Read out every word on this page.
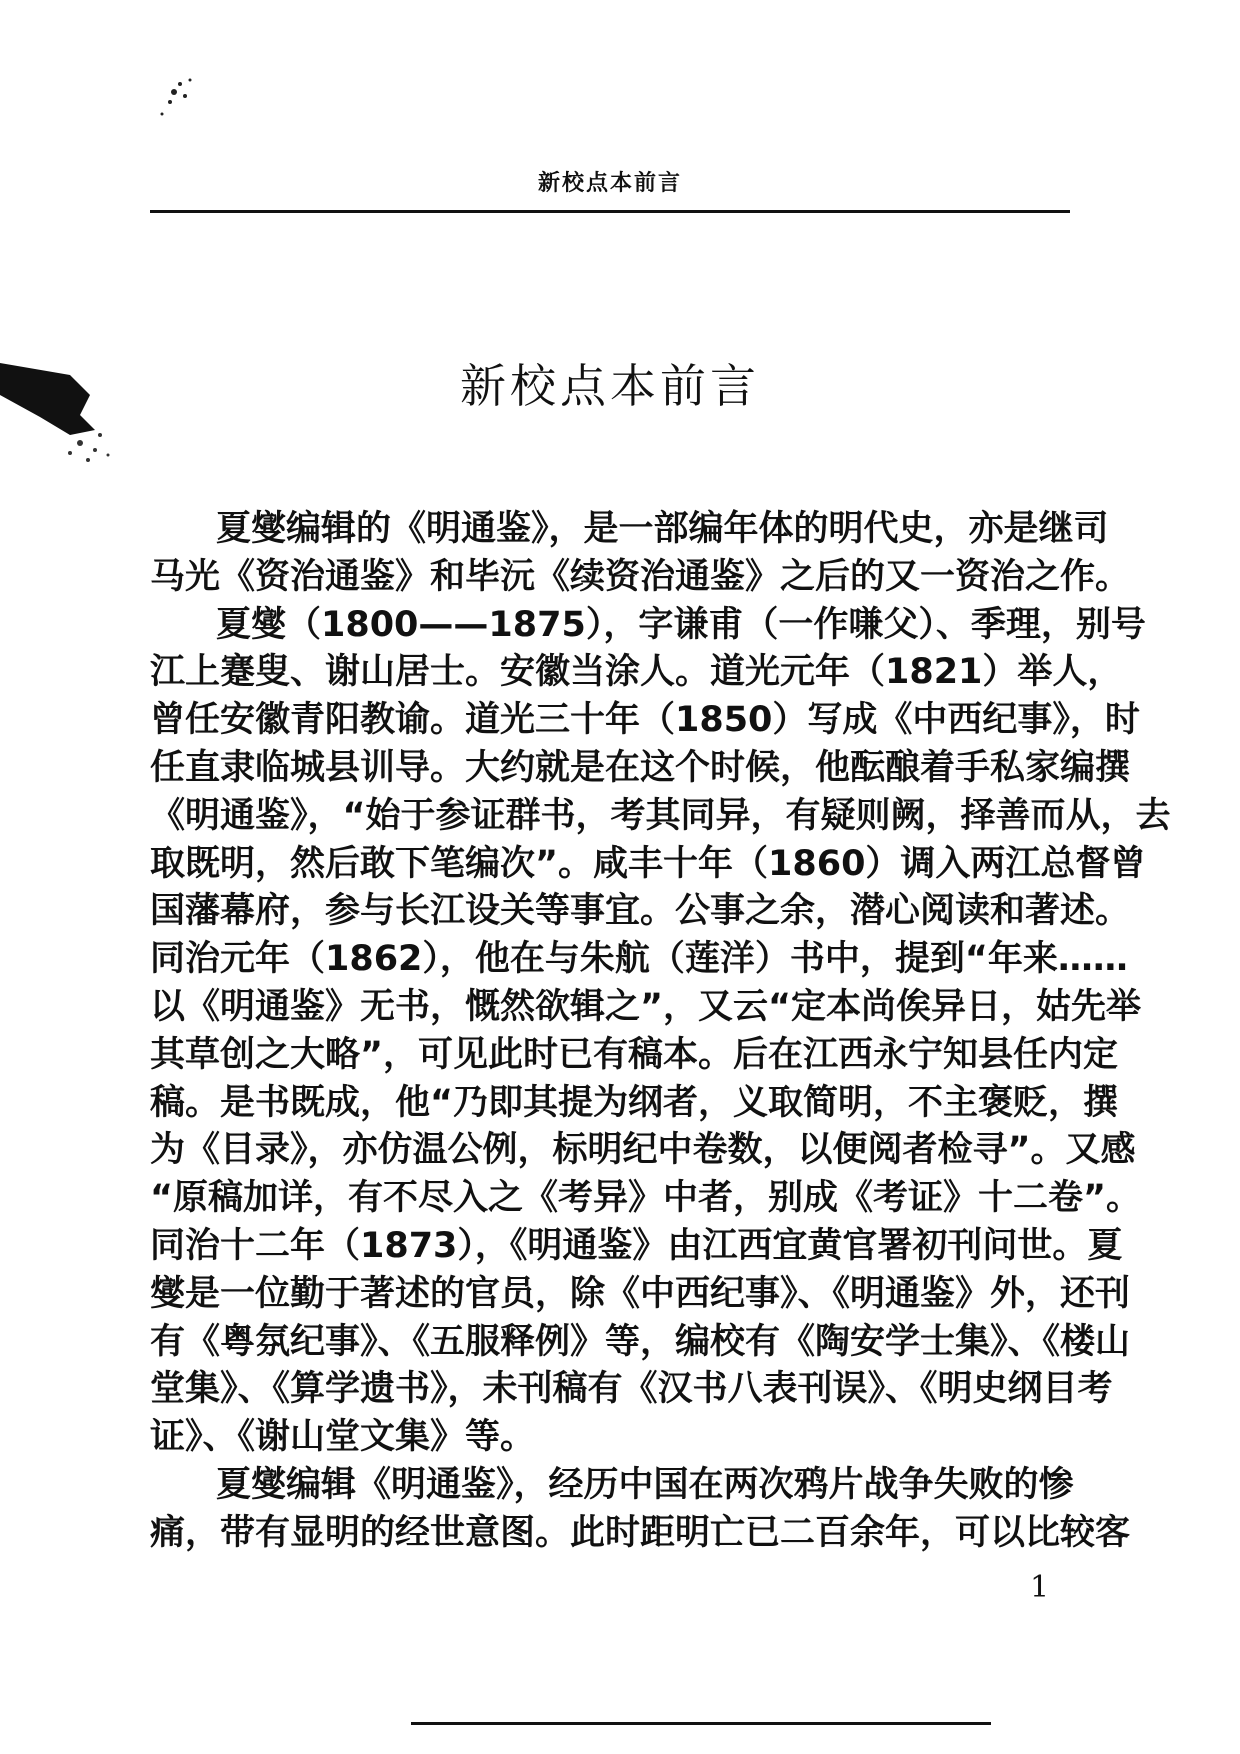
新校点本前言
新校点本前言
夏燮编辑的《明通鉴》，是一部编年体的明代史，亦是继司
马光《资治通鉴》和毕沅《续资治通鉴》之后的又一资治之作。
夏燮（1800——1875），字谦甫（一作嗛父）、季理，别号
江上蹇叟、谢山居士。安徽当涂人。道光元年（1821）举人，
曾任安徽青阳教谕。道光三十年（1850）写成《中西纪事》，时
任直隶临城县训导。大约就是在这个时候，他酝酿着手私家编撰
《明通鉴》，“始于参证群书，考其同异，有疑则阙，择善而从，去
取既明，然后敢下笔编次”。咸丰十年（1860）调入两江总督曾
国藩幕府，参与长江设关等事宜。公事之余，潜心阅读和著述。
同治元年（1862），他在与朱航（莲洋）书中，提到“年来……
以《明通鉴》无书，慨然欲辑之”，又云“定本尚俟异日，姑先举
其草创之大略”，可见此时已有稿本。后在江西永宁知县任内定
稿。是书既成，他“乃即其提为纲者，义取简明，不主褒贬，撰
为《目录》，亦仿温公例，标明纪中卷数，以便阅者检寻”。又感
“原稿加详，有不尽入之《考异》中者，别成《考证》十二卷”。
同治十二年（1873），《明通鉴》由江西宜黄官署初刊问世。夏
燮是一位勤于著述的官员，除《中西纪事》、《明通鉴》外，还刊
有《粤氛纪事》、《五服释例》等，编校有《陶安学士集》、《楼山
堂集》、《算学遗书》，未刊稿有《汉书八表刊误》、《明史纲目考
证》、《谢山堂文集》等。
夏燮编辑《明通鉴》，经历中国在两次鸦片战争失败的惨
痛，带有显明的经世意图。此时距明亡已二百余年，可以比较客
1
